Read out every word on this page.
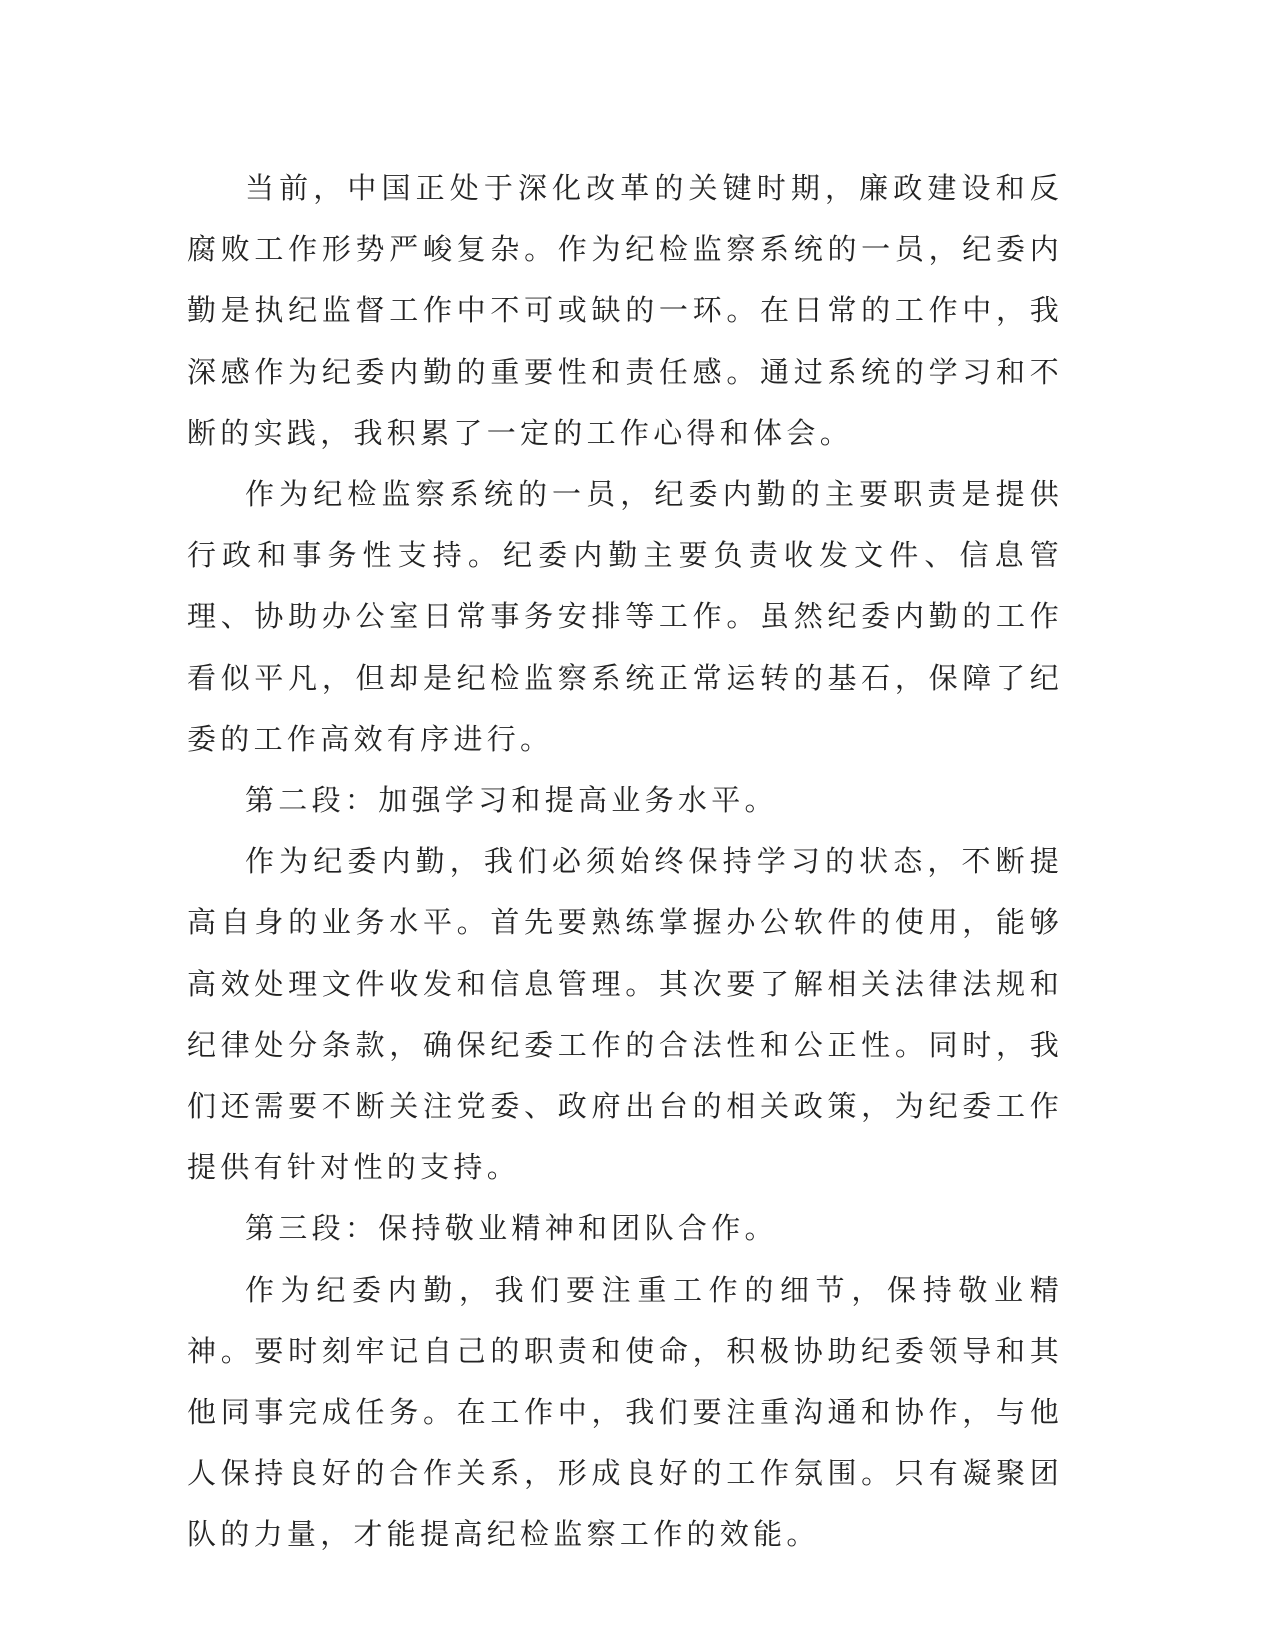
当前，中国正处于深化改革的关键时期，廉政建设和反腐败工作形势严峻复杂。作为纪检监察系统的一员，纪委内勤是执纪监督工作中不可或缺的一环。在日常的工作中，我深感作为纪委内勤的重要性和责任感。通过系统的学习和不断的实践，我积累了一定的工作心得和体会。

作为纪检监察系统的一员，纪委内勤的主要职责是提供行政和事务性支持。纪委内勤主要负责收发文件、信息管理、协助办公室日常事务安排等工作。虽然纪委内勤的工作看似平凡，但却是纪检监察系统正常运转的基石，保障了纪委的工作高效有序进行。

第二段：加强学习和提高业务水平。

作为纪委内勤，我们必须始终保持学习的状态，不断提高自身的业务水平。首先要熟练掌握办公软件的使用，能够高效处理文件收发和信息管理。其次要了解相关法律法规和纪律处分条款，确保纪委工作的合法性和公正性。同时，我们还需要不断关注党委、政府出台的相关政策，为纪委工作提供有针对性的支持。

第三段：保持敬业精神和团队合作。

作为纪委内勤，我们要注重工作的细节，保持敬业精神。要时刻牢记自己的职责和使命，积极协助纪委领导和其他同事完成任务。在工作中，我们要注重沟通和协作，与他人保持良好的合作关系，形成良好的工作氛围。只有凝聚团队的力量，才能提高纪检监察工作的效能。
